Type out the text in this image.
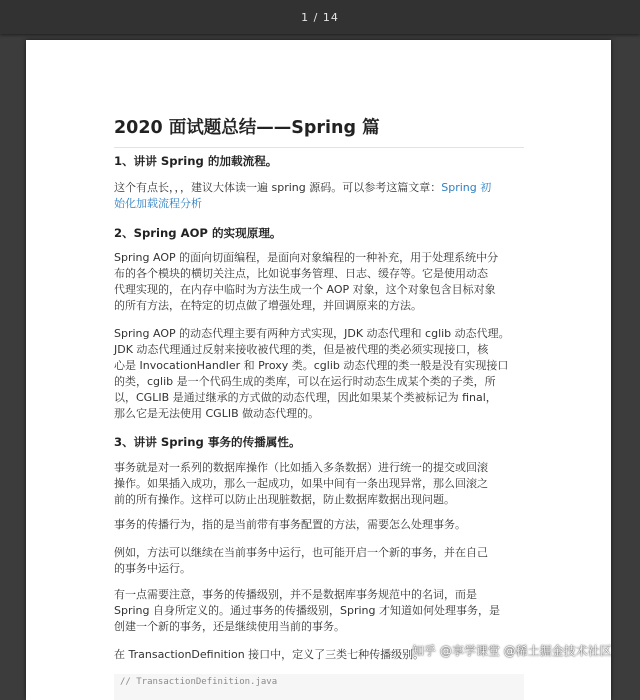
1 / 14
2020 面试题总结——Spring 篇
1、讲讲 Spring 的加载流程。

这个有点长，，，建议大体读一遍 spring 源码。可以参考这篇文章：Spring 初
始化加载流程分析

2、Spring AOP 的实现原理。

Spring AOP 的面向切面编程，是面向对象编程的一种补充，用于处理系统中分
布的各个模块的横切关注点，比如说事务管理、日志、缓存等。它是使用动态
代理实现的，在内存中临时为方法生成一个 AOP 对象，这个对象包含目标对象
的所有方法，在特定的切点做了增强处理，并回调原来的方法。

Spring AOP 的动态代理主要有两种方式实现，JDK 动态代理和 cglib 动态代理。
JDK 动态代理通过反射来接收被代理的类，但是被代理的类必须实现接口，核
心是 InvocationHandler 和 Proxy 类。cglib 动态代理的类一般是没有实现接口
的类，cglib 是一个代码生成的类库，可以在运行时动态生成某个类的子类，所
以，CGLIB 是通过继承的方式做的动态代理，因此如果某个类被标记为 final，
那么它是无法使用 CGLIB 做动态代理的。

3、讲讲 Spring 事务的传播属性。

事务就是对一系列的数据库操作（比如插入多条数据）进行统一的提交或回滚
操作。如果插入成功，那么一起成功，如果中间有一条出现异常，那么回滚之
前的所有操作。这样可以防止出现脏数据，防止数据库数据出现问题。

事务的传播行为，指的是当前带有事务配置的方法，需要怎么处理事务。

例如，方法可以继续在当前事务中运行，也可能开启一个新的事务，并在自己
的事务中运行。

有一点需要注意，事务的传播级别，并不是数据库事务规范中的名词，而是
Spring 自身所定义的。通过事务的传播级别，Spring 才知道如何处理事务，是
创建一个新的事务，还是继续使用当前的事务。

在 TransactionDefinition 接口中，定义了三类七种传播级别。

// TransactionDefinition.java
知乎 @享学课堂 @稀土掘金技术社区
